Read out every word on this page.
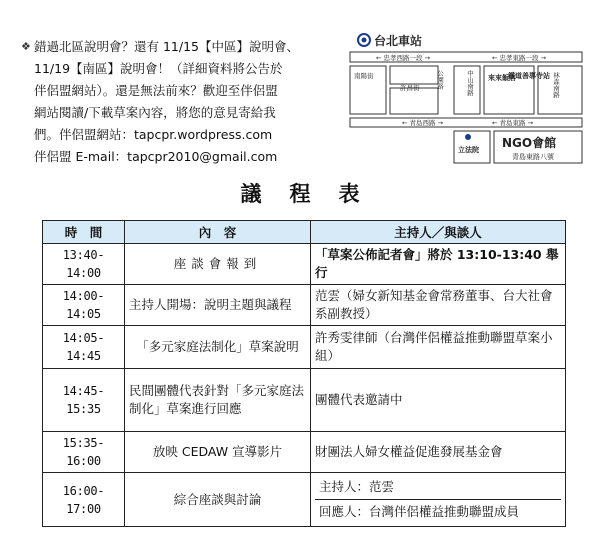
❖ 錯過北區說明會？還有 11/15【中區】說明會、

11/19【南區】說明會！（詳細資料將公告於

伴侶盟網站）。還是無法前來？歡迎至伴侶盟

網站閱讀/下載草案內容，將您的意見寄給我

們。伴侶盟網站：tapcpr.wordpress.com

伴侶盟 E-mail：tapcpr2010@gmail.com

台北車站
← 忠孝西路一段 →	← 忠孝東路一段 →
南陽街
許昌街	公園路	中山南路 來來飯店
鐵道善導寺站 林森南路
← 青島西路 →	← 青島東路 →
立法院 NGO會館
青島東路八號
議程表
時　間	內　容	主持人／與談人
13:40-14:00	座談會報到	「草案公佈記者會」將於 13:10-13:40 舉行
14:00-14:05	主持人開場：說明主題與議程	范雲（婦女新知基金會常務董事、台大社會系副教授）
14:05-14:45	「多元家庭法制化」草案說明	許秀雯律師（台灣伴侶權益推動聯盟草案小組）
14:45-15:35	民間團體代表針對「多元家庭法制化」草案進行回應	團體代表邀請中
15:35-16:00	放映 CEDAW 宣導影片	財團法人婦女權益促進發展基金會
16:00-17:00	綜合座談與討論	主持人：范雲
回應人：台灣伴侶權益推動聯盟成員
